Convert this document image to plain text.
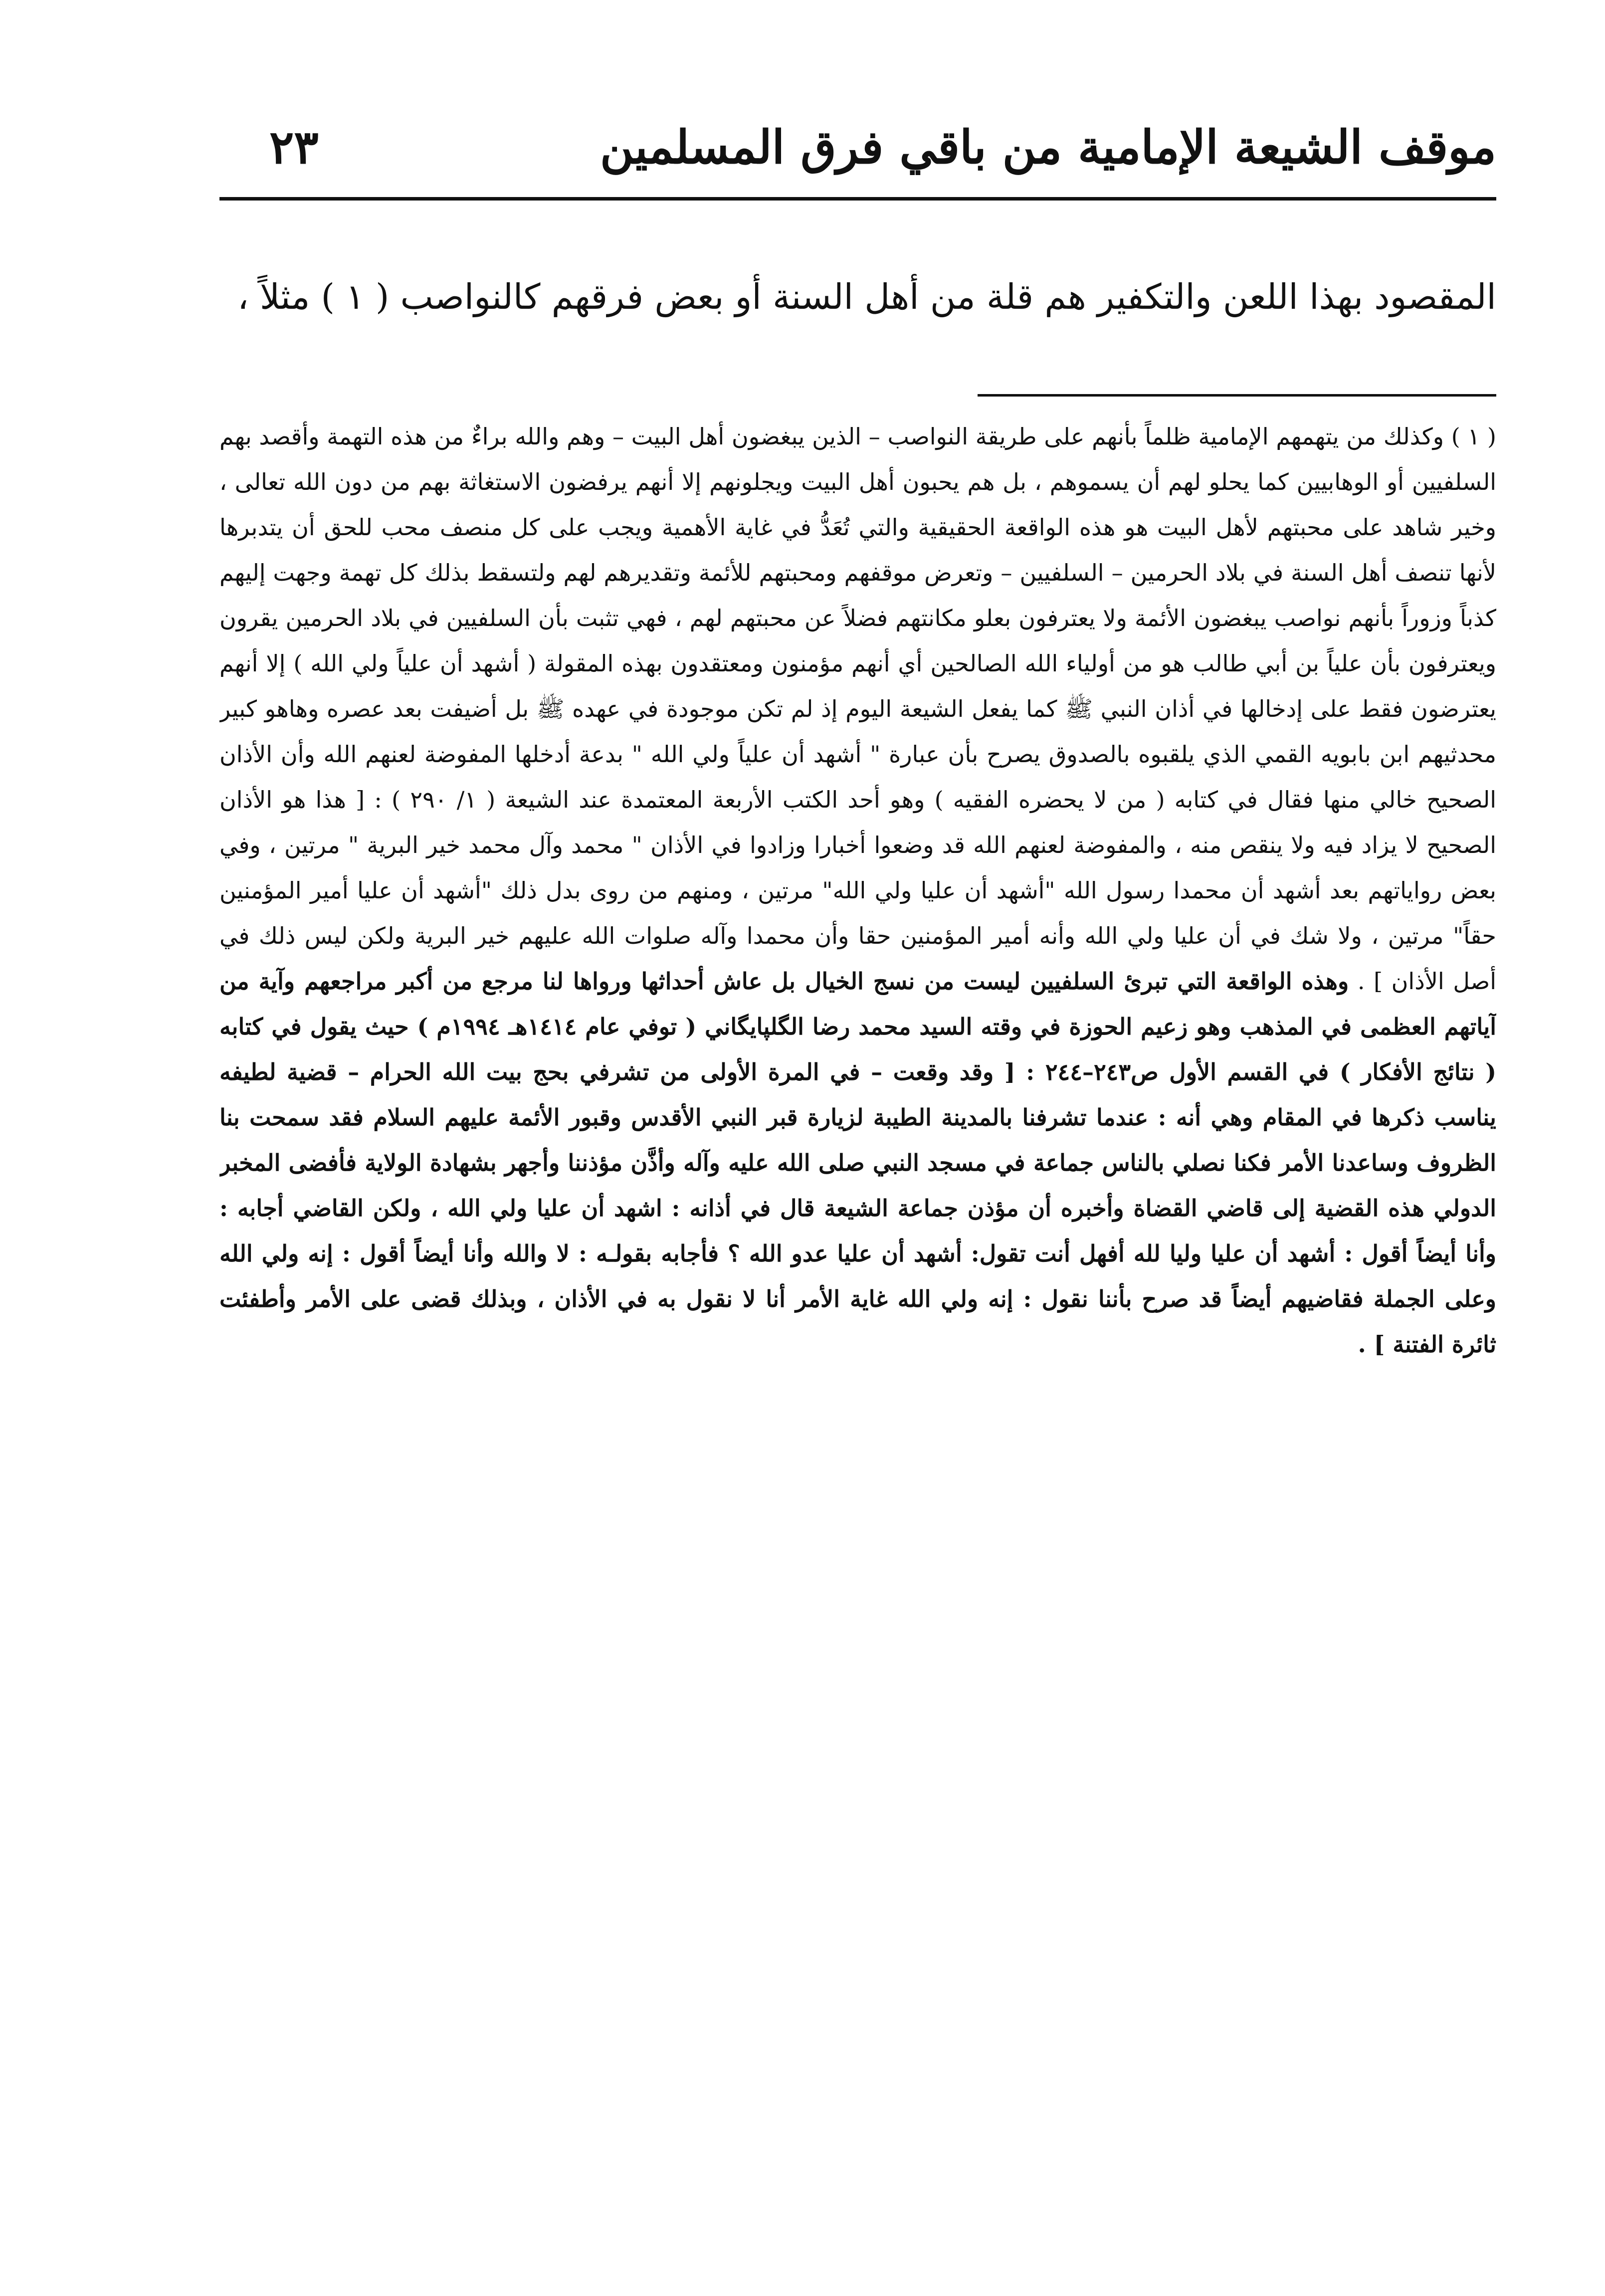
موقف الشيعة الإمامية من باقي فرق المسلمين
٢٣
المقصود بهذا اللعن والتكفير هم قلة من أهل السنة أو بعض فرقهم كالنواصب ( ١ ) مثلاً ،
( ١ ) وكذلك من يتهمهم الإمامية ظلماً بأنهم على طريقة النواصب – الذين يبغضون أهل البيت – وهم والله براءٌ من هذه التهمة وأقصد بهم السلفيين أو الوهابيين كما يحلو لهم أن يسموهم ، بل هم يحبون أهل البيت ويجلونهم إلا أنهم يرفضون الاستغاثة بهم من دون الله تعالى ، وخير شاهد على محبتهم لأهل البيت هو هذه الواقعة الحقيقية والتي تُعَدُّ في غاية الأهمية ويجب على كل منصف محب للحق أن يتدبرها لأنها تنصف أهل السنة في بلاد الحرمين – السلفيين – وتعرض موقفهم ومحبتهم للأئمة وتقديرهم لهم ولتسقط بذلك كل تهمة وجهت إليهم كذباً وزوراً بأنهم نواصب يبغضون الأئمة ولا يعترفون بعلو مكانتهم فضلاً عن محبتهم لهم ، فهي تثبت بأن السلفيين في بلاد الحرمين يقرون ويعترفون بأن علياً بن أبي طالب هو من أولياء الله الصالحين أي أنهم مؤمنون ومعتقدون بهذه المقولة ( أشهد أن علياً ولي الله ) إلا أنهم يعترضون فقط على إدخالها في أذان النبي ﷺ كما يفعل الشيعة اليوم إذ لم تكن موجودة في عهده ﷺ بل أضيفت بعد عصره وهاهو كبير محدثيهم ابن بابويه القمي الذي يلقبوه بالصدوق يصرح بأن عبارة " أشهد أن علياً ولي الله " بدعة أدخلها المفوضة لعنهم الله وأن الأذان الصحيح خالي منها فقال في كتابه ( من لا يحضره الفقيه ) وهو أحد الكتب الأربعة المعتمدة عند الشيعة ( ١/ ٢٩٠ ) : [ هذا هو الأذان الصحيح لا يزاد فيه ولا ينقص منه ، والمفوضة لعنهم الله قد وضعوا أخبارا وزادوا في الأذان " محمد وآل محمد خير البرية " مرتين ، وفي بعض رواياتهم بعد أشهد أن محمدا رسول الله "أشهد أن عليا ولي الله" مرتين ، ومنهم من روى بدل ذلك "أشهد أن عليا أمير المؤمنين حقاً" مرتين ، ولا شك في أن عليا ولي الله وأنه أمير المؤمنين حقا وأن محمدا وآله صلوات الله عليهم خير البرية ولكن ليس ذلك في أصل الأذان ] . وهذه الواقعة التي تبرئ السلفيين ليست من نسج الخيال بل عاش أحداثها ورواها لنا مرجع من أكبر مراجعهم وآية من آياتهم العظمى في المذهب وهو زعيم الحوزة في وقته السيد محمد رضا الگلپايگاني ( توفي عام ١٤١٤هـ ١٩٩٤م ) حيث يقول في كتابه ( نتائج الأفكار ) في القسم الأول ص٢٤٣–٢٤٤ : [ وقد وقعت – في المرة الأولى من تشرفي بحج بيت الله الحرام – قضية لطيفه يناسب ذكرها في المقام وهي أنه : عندما تشرفنا بالمدينة الطيبة لزيارة قبر النبي الأقدس وقبور الأئمة عليهم السلام فقد سمحت بنا الظروف وساعدنا الأمر فكنا نصلي بالناس جماعة في مسجد النبي صلى الله عليه وآله وأذَّن مؤذننا وأجهر بشهادة الولاية فأفضى المخبر الدولي هذه القضية إلى قاضي القضاة وأخبره أن مؤذن جماعة الشيعة قال في أذانه : اشهد أن عليا ولي الله ، ولكن القاضي أجابه : وأنا أيضاً أقول : أشهد أن عليا وليا لله أفهل أنت تقول: أشهد أن عليا عدو الله ؟ فأجابه بقولـه : لا والله وأنا أيضاً أقول : إنه ولي الله وعلى الجملة فقاضيهم أيضاً قد صرح بأننا نقول : إنه ولي الله غاية الأمر أنا لا نقول به في الأذان ، وبذلك قضى على الأمر وأطفئت ثائرة الفتنة ] .
